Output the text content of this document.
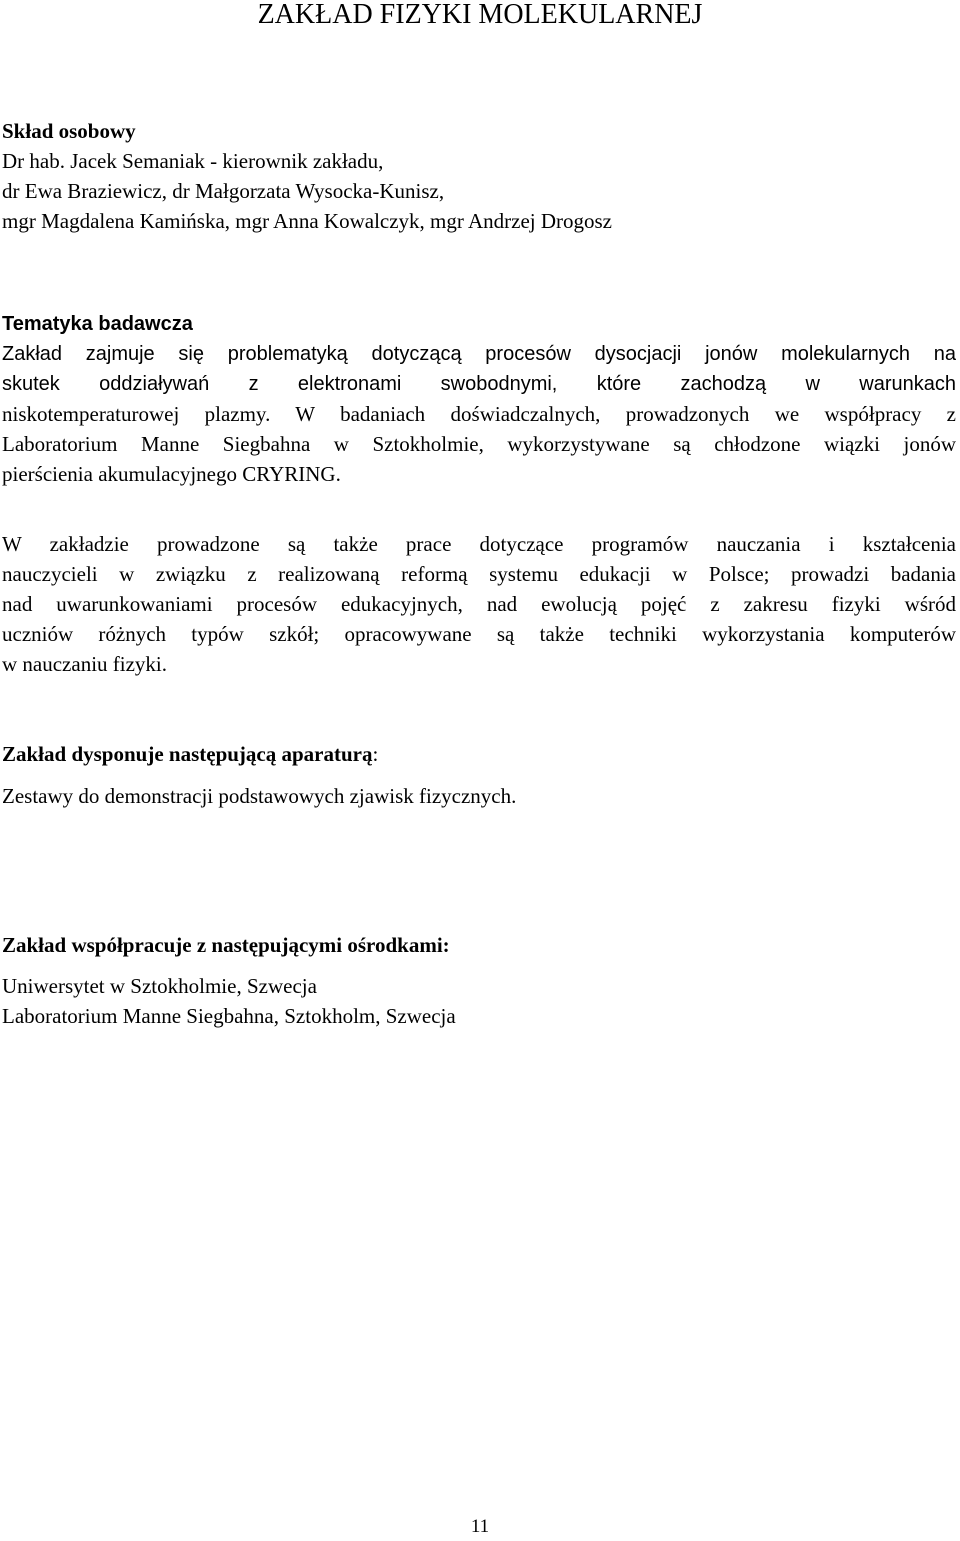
ZAKŁAD FIZYKI MOLEKULARNEJ
Skład osobowy
Dr hab. Jacek Semaniak - kierownik zakładu,
dr Ewa Braziewicz, dr Małgorzata Wysocka-Kunisz,
mgr Magdalena Kamińska, mgr Anna Kowalczyk, mgr Andrzej Drogosz
Tematyka badawcza
Zakład zajmuje się problematyką dotyczącą procesów dysocjacji jonów molekularnych na
skutek oddziaływań z elektronami swobodnymi, które zachodzą w warunkach
niskotemperaturowej plazmy. W badaniach doświadczalnych, prowadzonych we współpracy z
Laboratorium Manne Siegbahna w Sztokholmie, wykorzystywane są chłodzone wiązki jonów
pierścienia akumulacyjnego CRYRING.
W zakładzie prowadzone są także prace dotyczące programów nauczania i kształcenia
nauczycieli w związku z realizowaną reformą systemu edukacji w Polsce; prowadzi badania
nad uwarunkowaniami procesów edukacyjnych, nad ewolucją pojęć z zakresu fizyki wśród
uczniów różnych typów szkół; opracowywane są także techniki wykorzystania komputerów
w nauczaniu fizyki.
Zakład dysponuje następującą aparaturą:
Zestawy do demonstracji podstawowych zjawisk fizycznych.
Zakład współpracuje z następującymi ośrodkami:
Uniwersytet w Sztokholmie, Szwecja
Laboratorium Manne Siegbahna, Sztokholm, Szwecja
11
